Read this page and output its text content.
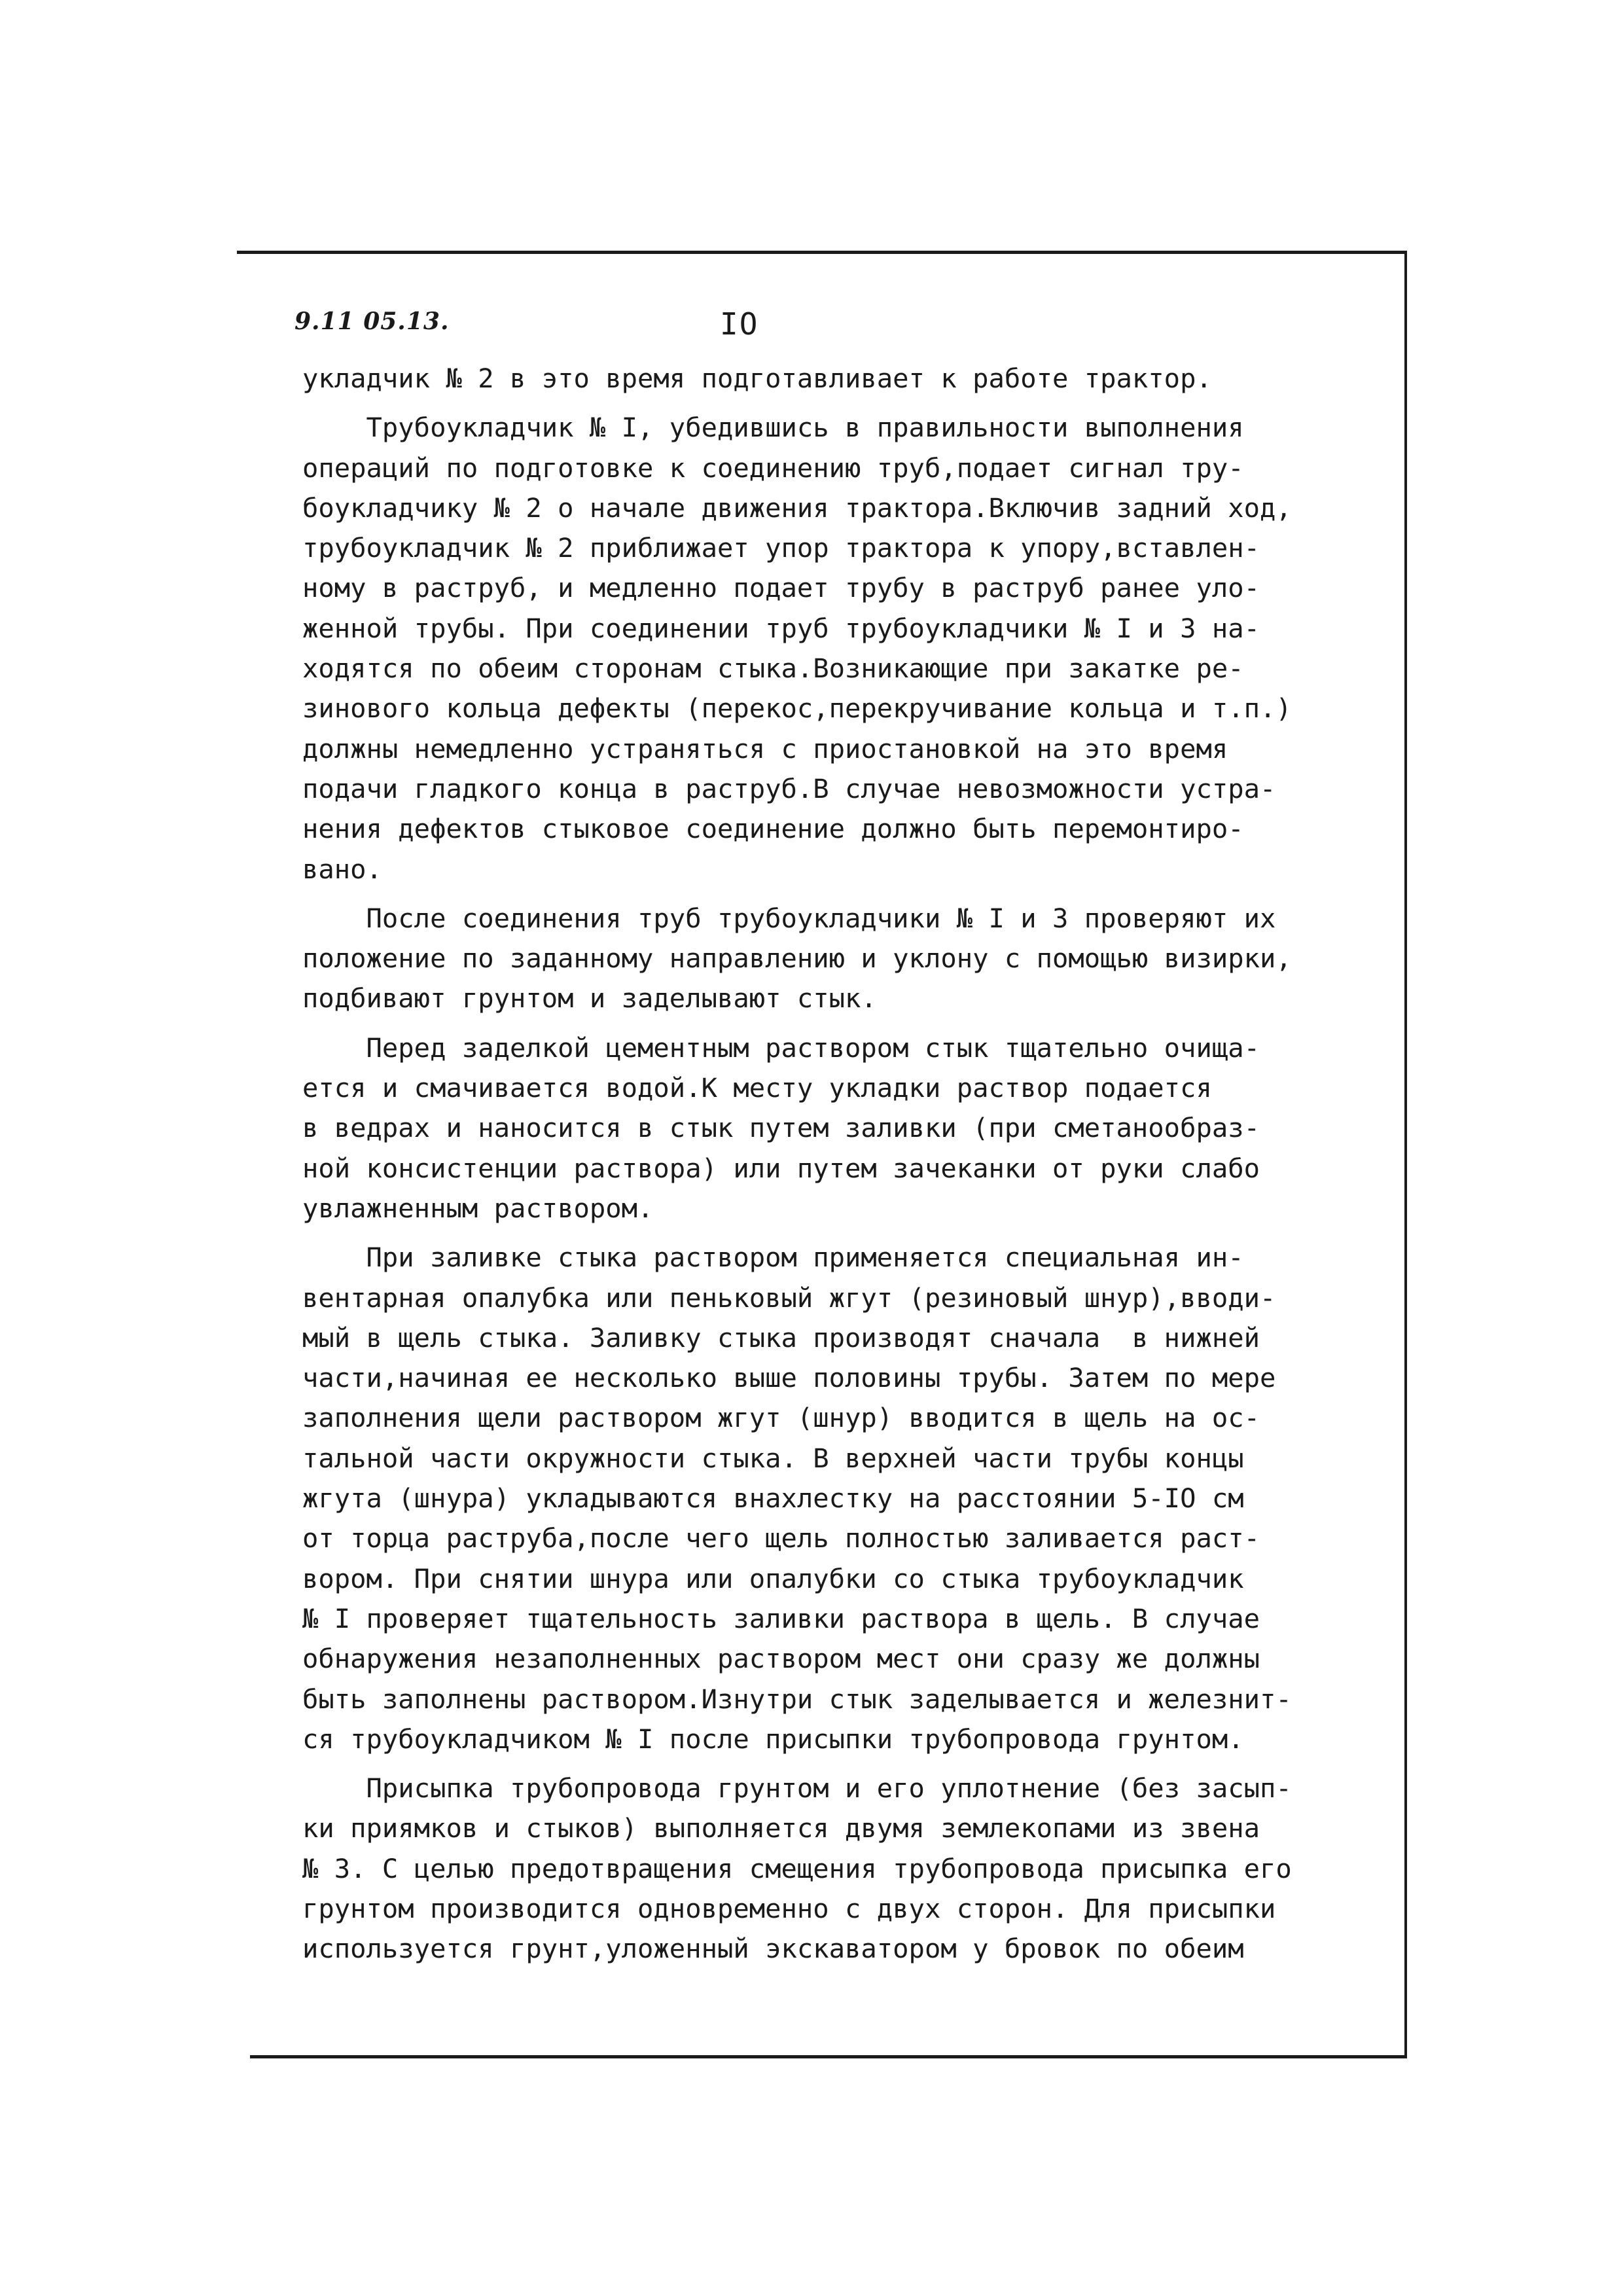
9.11 05.13.	IO
укладчик № 2 в это время подготавливает к работе трактор.
Трубоукладчик № I, убедившись в правильности выполнения
операций по подготовке к соединению труб,подает сигнал тру-
боукладчику № 2 о начале движения трактора.Включив задний ход,
трубоукладчик № 2 приближает упор трактора к упору,вставлен-
ному в раструб, и медленно подает трубу в раструб ранее уло-
женной трубы. При соединении труб трубоукладчики № I и 3 на-
ходятся по обеим сторонам стыка.Возникающие при закатке ре-
зинового кольца дефекты (перекос,перекручивание кольца и т.п.)
должны немедленно устраняться с приостановкой на это время
подачи гладкого конца в раструб.В случае невозможности устра-
нения дефектов стыковое соединение должно быть перемонтиро-
вано.
После соединения труб трубоукладчики № I и 3 проверяют их
положение по заданному направлению и уклону с помощью визирки,
подбивают грунтом и заделывают стык.
Перед заделкой цементным раствором стык тщательно очища-
ется и смачивается водой.К месту укладки раствор подается
в ведрах и наносится в стык путем заливки (при сметанообраз-
ной консистенции раствора) или путем зачеканки от руки слабо
увлажненным раствором.
При заливке стыка раствором применяется специальная ин-
вентарная опалубка или пеньковый жгут (резиновый шнур),вводи-
мый в щель стыка. Заливку стыка производят сначала  в нижней
части,начиная ее несколько выше половины трубы. Затем по мере
заполнения щели раствором жгут (шнур) вводится в щель на ос-
тальной части окружности стыка. В верхней части трубы концы
жгута (шнура) укладываются внахлестку на расстоянии 5-IO см
от торца раструба,после чего щель полностью заливается раст-
вором. При снятии шнура или опалубки со стыка трубоукладчик
№ I проверяет тщательность заливки раствора в щель. В случае
обнаружения незаполненных раствором мест они сразу же должны
быть заполнены раствором.Изнутри стык заделывается и железнит-
ся трубоукладчиком № I после присыпки трубопровода грунтом.
Присыпка трубопровода грунтом и его уплотнение (без засып-
ки приямков и стыков) выполняется двумя землекопами из звена
№ 3. С целью предотвращения смещения трубопровода присыпка его
грунтом производится одновременно с двух сторон. Для присыпки
используется грунт,уложенный экскаватором у бровок по обеим
